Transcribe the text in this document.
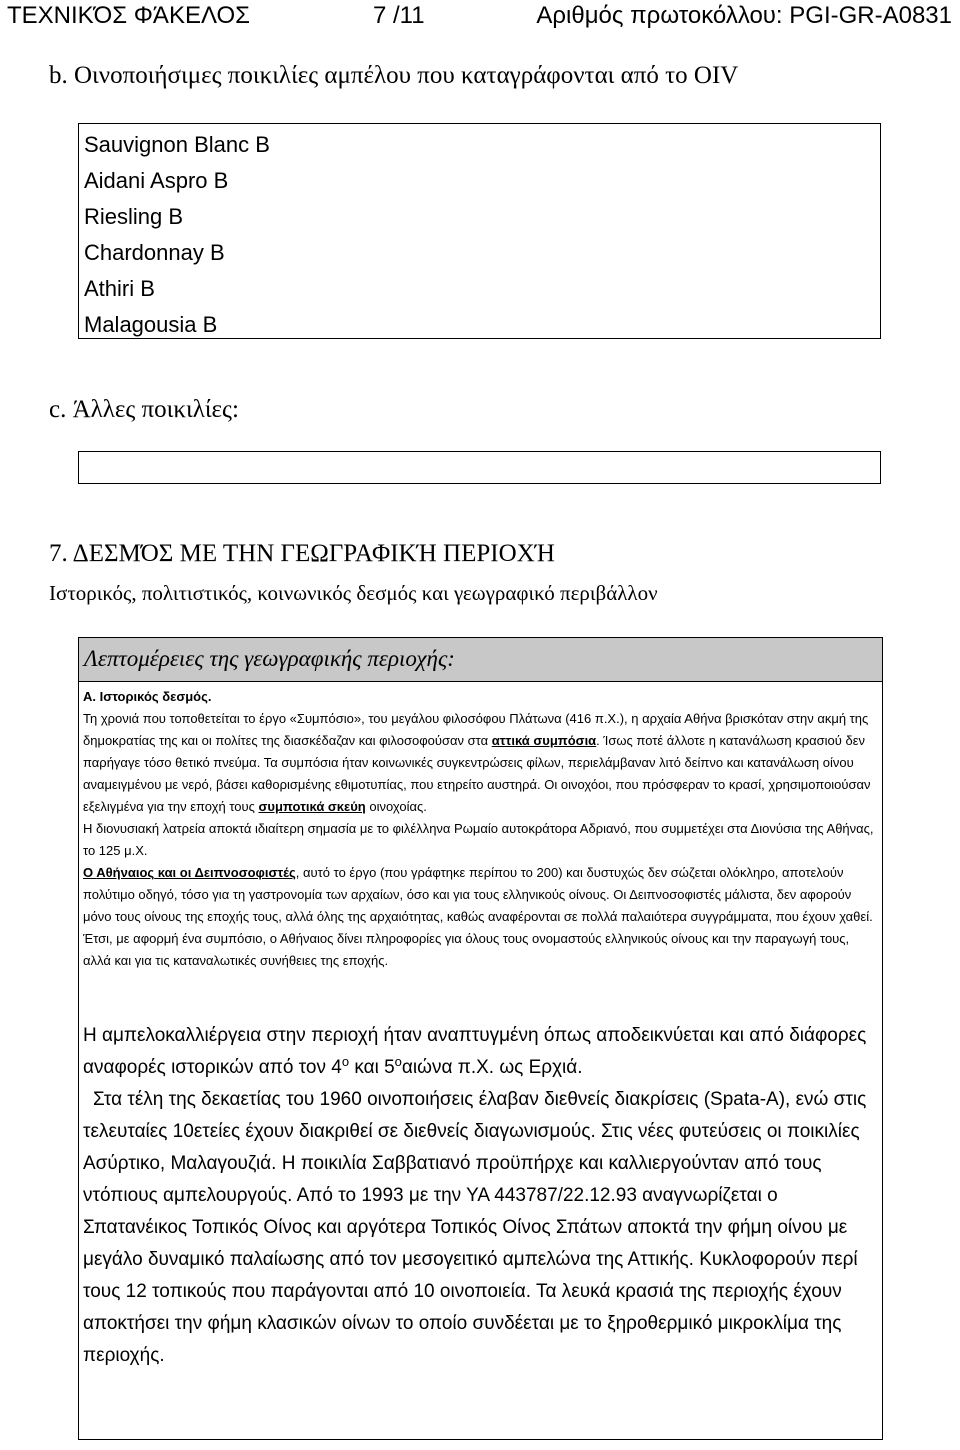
ΤΕΧΝΙΚΌΣ ΦΆΚΕΛΟΣ	7 /11	Αριθμός πρωτοκόλλου: PGI-GR-A0831
b. Οινοποιήσιμες ποικιλίες αμπέλου που καταγράφονται από το OIV
Sauvignon Blanc B
Aidani Aspro B
Riesling B
Chardonnay B
Athiri B
Malagousia B
c. Άλλες ποικιλίες:
7. ΔΕΣΜΌΣ ΜΕ ΤΗΝ ΓΕΩΓΡΑΦΙΚΉ ΠΕΡΙΟΧΉ
Ιστορικός, πολιτιστικός, κοινωνικός δεσμός και γεωγραφικό περιβάλλον
Λεπτομέρειες της γεωγραφικής περιοχής:

Α. Ιστορικός δεσμός.

Τη χρονιά που τοποθετείται το έργο «Συμπόσιο», του μεγάλου φιλοσόφου Πλάτωνα (416 π.Χ.), η αρχαία Αθήνα βρισκόταν στην ακμή της δημοκρατίας της και οι πολίτες της διασκέδαζαν και φιλοσοφούσαν στα αττικά συμπόσια. Ίσως ποτέ άλλοτε η κατανάλωση κρασιού δεν παρήγαγε τόσο θετικό πνεύμα. Τα συμπόσια ήταν κοινωνικές συγκεντρώσεις φίλων, περιελάμβαναν λιτό δείπνο και κατανάλωση οίνου αναμειγμένου με νερό, βάσει καθορισμένης εθιμοτυπίας, που ετηρείτο αυστηρά. Οι οινοχόοι, που πρόσφεραν το κρασί, χρησιμοποιούσαν εξελιγμένα για την εποχή τους συμποτικά σκεύη οινοχοίας.

Η διονυσιακή λατρεία αποκτά ιδιαίτερη σημασία με το φιλέλληνα Ρωμαίο αυτοκράτορα Αδριανό, που συμμετέχει στα Διονύσια της Αθήνας, το 125 μ.Χ.

Ο Αθήναιος και οι Δειπνοσοφιστές, αυτό το έργο (που γράφτηκε περίπου το 200) και δυστυχώς δεν σώζεται ολόκληρο, αποτελούν πολύτιμο οδηγό, τόσο για τη γαστρονομία των αρχαίων, όσο και για τους ελληνικούς οίνους. Οι Δειπνοσοφιστές μάλιστα, δεν αφορούν μόνο τους οίνους της εποχής τους, αλλά όλης της αρχαιότητας, καθώς αναφέρονται σε πολλά παλαιότερα συγγράμματα, που έχουν χαθεί. Έτσι, με αφορμή ένα συμπόσιο, ο Αθήναιος δίνει πληροφορίες για όλους τους ονομαστούς ελληνικούς οίνους και την παραγωγή τους, αλλά και για τις καταναλωτικές συνήθειες της εποχής.

Η αμπελοκαλλιέργεια στην περιοχή ήταν αναπτυγμένη όπως αποδεικνύεται και από διάφορες αναφορές ιστορικών από τον $4^o$ και $5^o\alpha\iota ώ\nu\alpha$ π.Χ. ως Ερχιά.

Στα τέλη της δεκαετίας του 1960 οινοποιήσεις έλαβαν διεθνείς διακρίσεις (Spata-A), ενώ στις τελευταίες 10ετείες έχουν διακριθεί σε διεθνείς διαγωνισμούς. Στις νέες φυτεύσεις οι ποικιλίες Ασύρτικο, Μαλαγουζιά. Η ποικιλία Σαββατιανό προϋπήρχε και καλλιεργούνταν από τους ντόπιους αμπελουργούς. Από το 1993 με την ΥΑ 443787/22.12.93 αναγνωρίζεται ο Σπατανέικος Τοπικός Οίνος και αργότερα Τοπικός Οίνος Σπάτων αποκτά την φήμη οίνου με μεγάλο δυναμικό παλαίωσης από τον μεσογειτικό αμπελώνα της Αττικής. Κυκλοφορούν περί τους 12 τοπικούς που παράγονται από 10 οινοποιεία. Τα λευκά κρασιά της περιοχής έχουν αποκτήσει την φήμη κλασικών οίνων το οποίο συνδέεται με το ξηροθερμικό μικροκλίμα της περιοχής.
